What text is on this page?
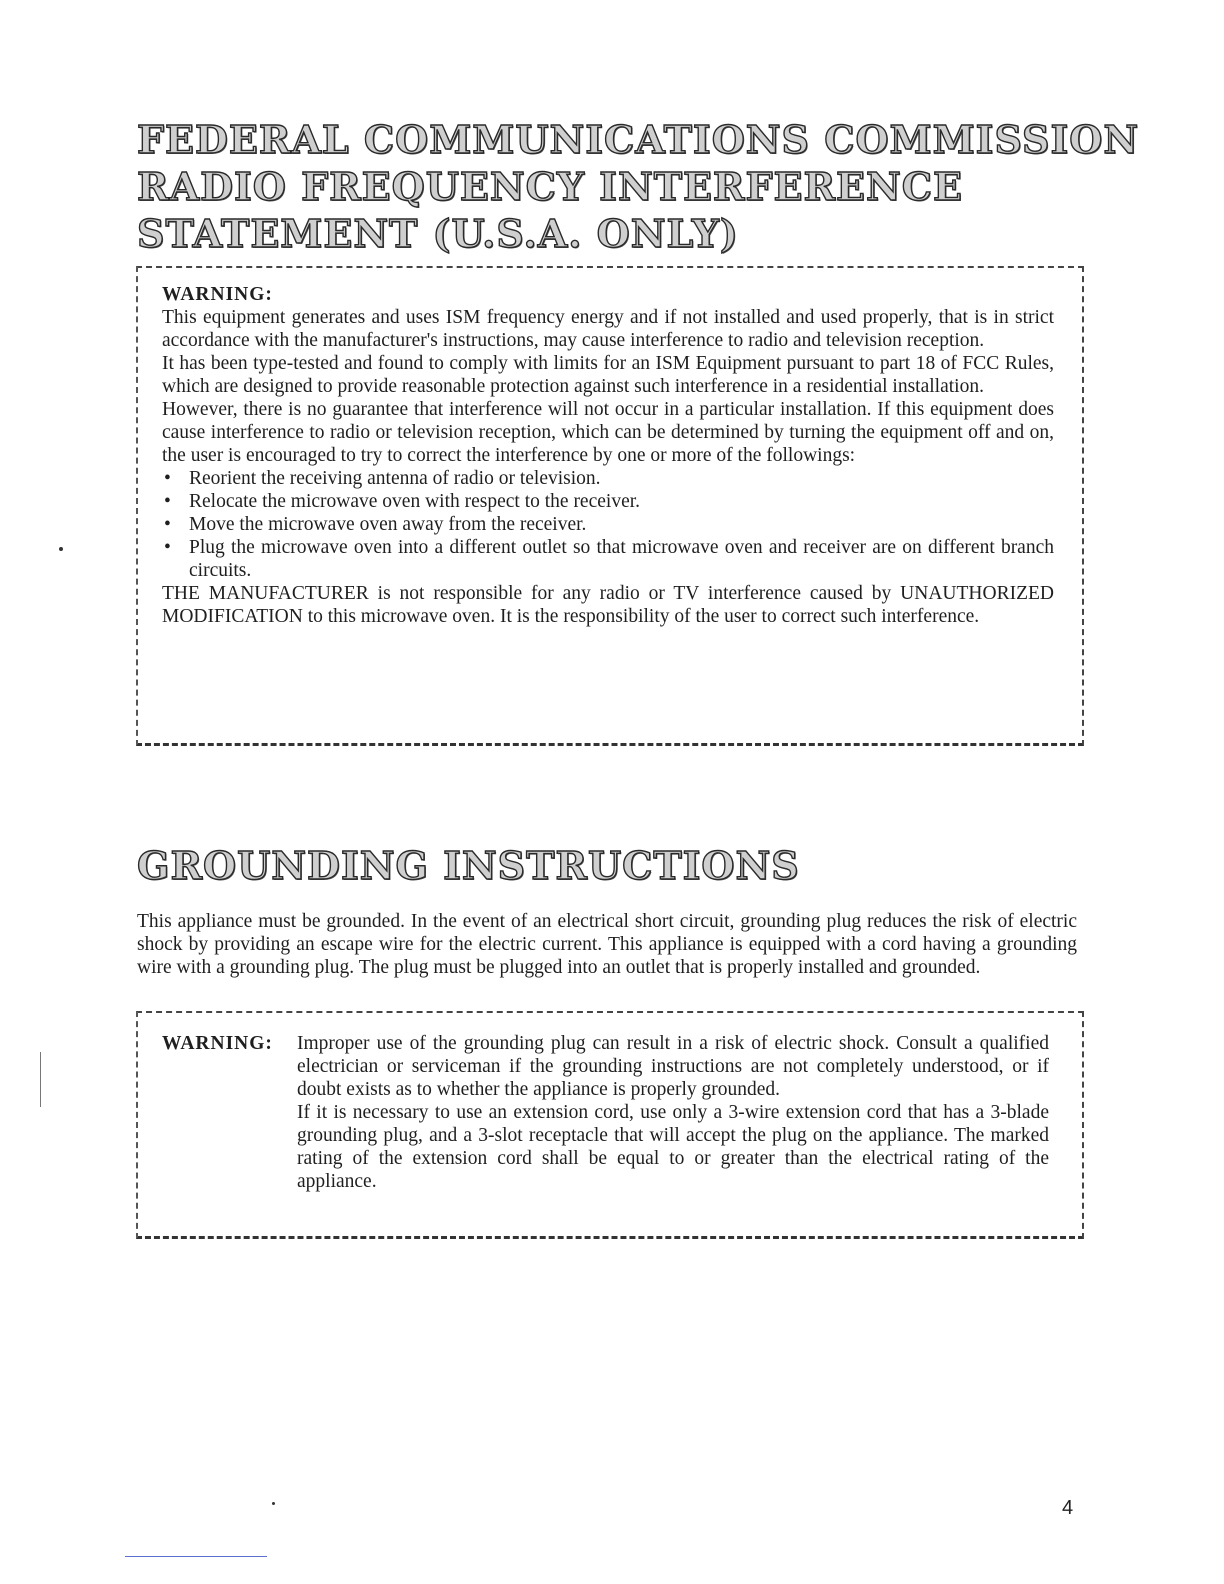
FEDERAL COMMUNICATIONS COMMISSION
RADIO FREQUENCY INTERFERENCE
STATEMENT (U.S.A. ONLY)
WARNING:

This equipment generates and uses ISM frequency energy and if not installed and used properly, that is in strict accordance with the manufacturer's instructions, may cause interference to radio and television reception.

It has been type-tested and found to comply with limits for an ISM Equipment pursuant to part 18 of FCC Rules, which are designed to provide reasonable protection against such interference in a residential installation.

However, there is no guarantee that interference will not occur in a particular installation. If this equipment does cause interference to radio or television reception, which can be determined by turning the equipment off and on, the user is encouraged to try to correct the interference by one or more of the followings:

• Reorient the receiving antenna of radio or television.
• Relocate the microwave oven with respect to the receiver.
• Move the microwave oven away from the receiver.
• Plug the microwave oven into a different outlet so that microwave oven and receiver are on different branch circuits.

THE MANUFACTURER is not responsible for any radio or TV interference caused by UNAUTHORIZED MODIFICATION to this microwave oven. It is the responsibility of the user to correct such interference.

GROUNDING INSTRUCTIONS

This appliance must be grounded. In the event of an electrical short circuit, grounding plug reduces the risk of electric shock by providing an escape wire for the electric current. This appliance is equipped with a cord having a grounding wire with a grounding plug. The plug must be plugged into an outlet that is properly installed and grounded.

WARNING: Improper use of the grounding plug can result in a risk of electric shock. Consult a qualified electrician or serviceman if the grounding instructions are not completely understood, or if doubt exists as to whether the appliance is properly grounded.

If it is necessary to use an extension cord, use only a 3-wire extension cord that has a 3-blade grounding plug, and a 3-slot receptacle that will accept the plug on the appliance. The marked rating of the extension cord shall be equal to or greater than the electrical rating of the appliance.

4
